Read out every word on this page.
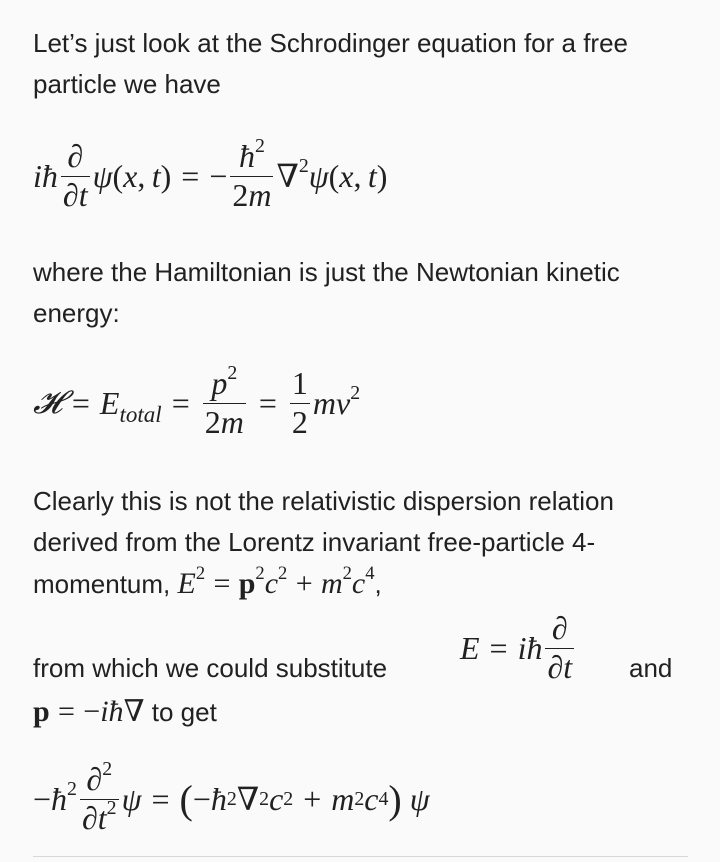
Let’s just look at the Schrodinger equation for a free particle we have

iħ $\frac{\partial}{\partial t}$ ψ ( x ,  t ) = − $\frac{ħ^2}{2m} \nabla^2$ ψ ( x ,  t )

where the Hamiltonian is just the Newtonian kinetic energy:

𝓗 = $E_{total} = \frac{p^2}{2m} = \frac{1}{2} mv^2$

Clearly this is not the relativistic dispersion relation derived from the Lorentz invariant free-particle 4-momentum, $E^2 = p^2c^2 + m^2c^4$,

from which we could substitute
E = iħ $\frac{\partial}{\partial t}$ and
p = −iħ∇ to get
− $ħ^2 \frac{\partial^2}{\partial t^2}$ ψ = ( − ħ 2 ∇ 2 c 2 + m 2 c 4 ) ψ
